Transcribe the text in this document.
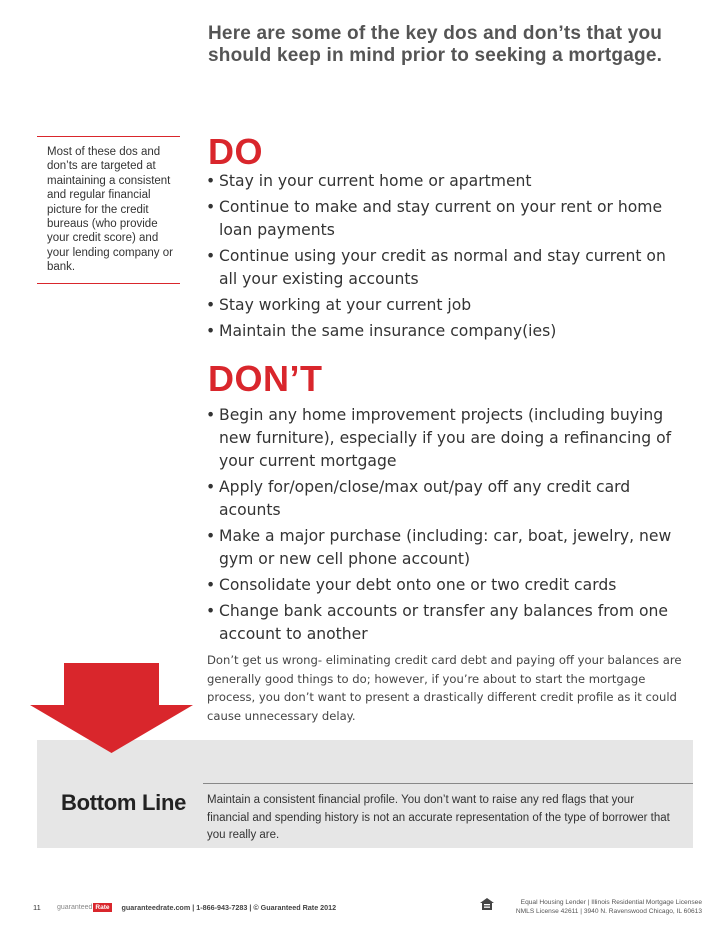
Here are some of the key dos and don’ts that you should keep in mind prior to seeking a mortgage.
Most of these dos and don’ts are targeted at maintaining a consistent and regular financial picture for the credit bureaus (who provide your credit score) and your lending company or bank.
DO
• Stay in your current home or apartment
• Continue to make and stay current on your rent or home loan payments
• Continue using your credit as normal and stay current on all your existing accounts
• Stay working at your current job
• Maintain the same insurance company(ies)
DON’T
• Begin any home improvement projects (including buying new furniture), especially if you are doing a refinancing of your current mortgage
• Apply for/open/close/max out/pay off any credit card acounts
• Make a major purchase (including: car, boat, jewelry, new gym or new cell phone account)
• Consolidate your debt onto one or two credit cards
• Change bank accounts or transfer any balances from one account to another
Don’t get us wrong- eliminating credit card debt and paying off your balances are generally good things to do; however, if you’re about to start the mortgage process, you don’t want to present a drastically different credit profile as it could cause unnecessary delay.
Bottom Line Maintain a consistent financial profile. You don’t want to raise any red flags that your financial and spending history is not an accurate representation of the type of borrower that you really are.
11	guaranteed Rate guaranteedrate.com | 1-866-943-7283 | © Guaranteed Rate 2012
Equal Housing Lender | Illinois Residential Mortgage Licensee
NMLS License 42611 | 3940 N. Ravenswood Chicago, IL 60613
